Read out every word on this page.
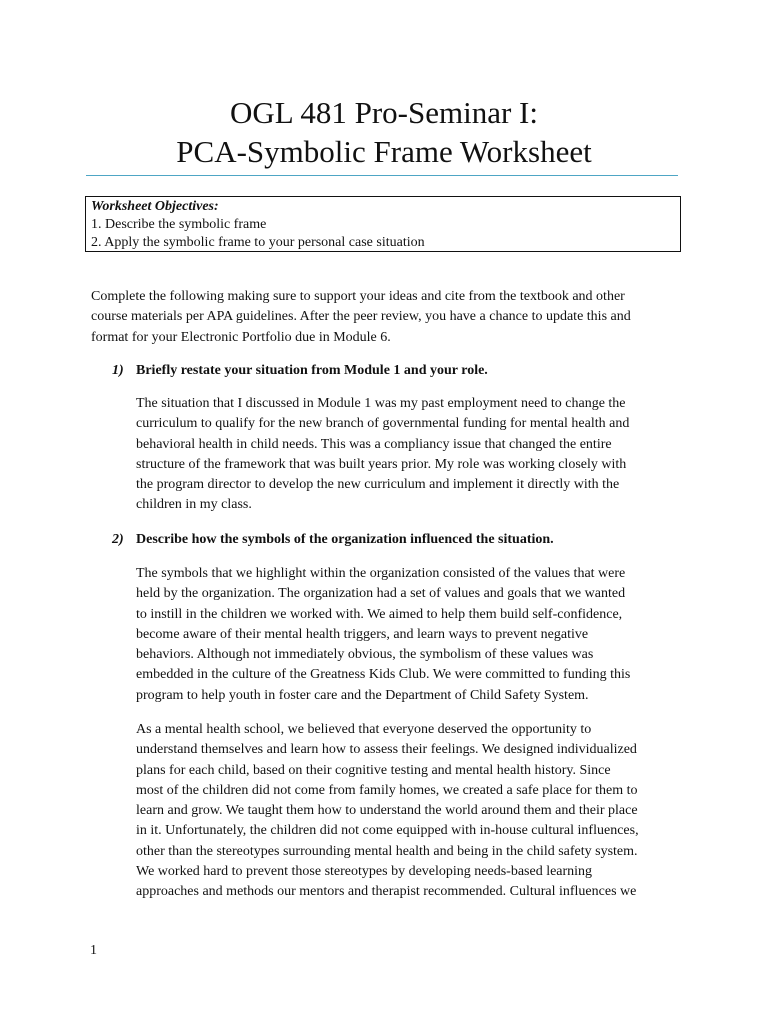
OGL 481 Pro-Seminar I:
PCA-Symbolic Frame Worksheet
Worksheet Objectives:
1. Describe the symbolic frame
2. Apply the symbolic frame to your personal case situation
Complete the following making sure to support your ideas and cite from the textbook and other
course materials per APA guidelines. After the peer review, you have a chance to update this and
format for your Electronic Portfolio due in Module 6.
1) Briefly restate your situation from Module 1 and your role.
The situation that I discussed in Module 1 was my past employment need to change the
curriculum to qualify for the new branch of governmental funding for mental health and
behavioral health in child needs. This was a compliancy issue that changed the entire
structure of the framework that was built years prior. My role was working closely with
the program director to develop the new curriculum and implement it directly with the
children in my class.
2) Describe how the symbols of the organization influenced the situation.
The symbols that we highlight within the organization consisted of the values that were
held by the organization. The organization had a set of values and goals that we wanted
to instill in the children we worked with. We aimed to help them build self-confidence,
become aware of their mental health triggers, and learn ways to prevent negative
behaviors. Although not immediately obvious, the symbolism of these values was
embedded in the culture of the Greatness Kids Club. We were committed to funding this
program to help youth in foster care and the Department of Child Safety System.
As a mental health school, we believed that everyone deserved the opportunity to
understand themselves and learn how to assess their feelings. We designed individualized
plans for each child, based on their cognitive testing and mental health history. Since
most of the children did not come from family homes, we created a safe place for them to
learn and grow. We taught them how to understand the world around them and their place
in it. Unfortunately, the children did not come equipped with in-house cultural influences,
other than the stereotypes surrounding mental health and being in the child safety system.
We worked hard to prevent those stereotypes by developing needs-based learning
approaches and methods our mentors and therapist recommended. Cultural influences we
1
